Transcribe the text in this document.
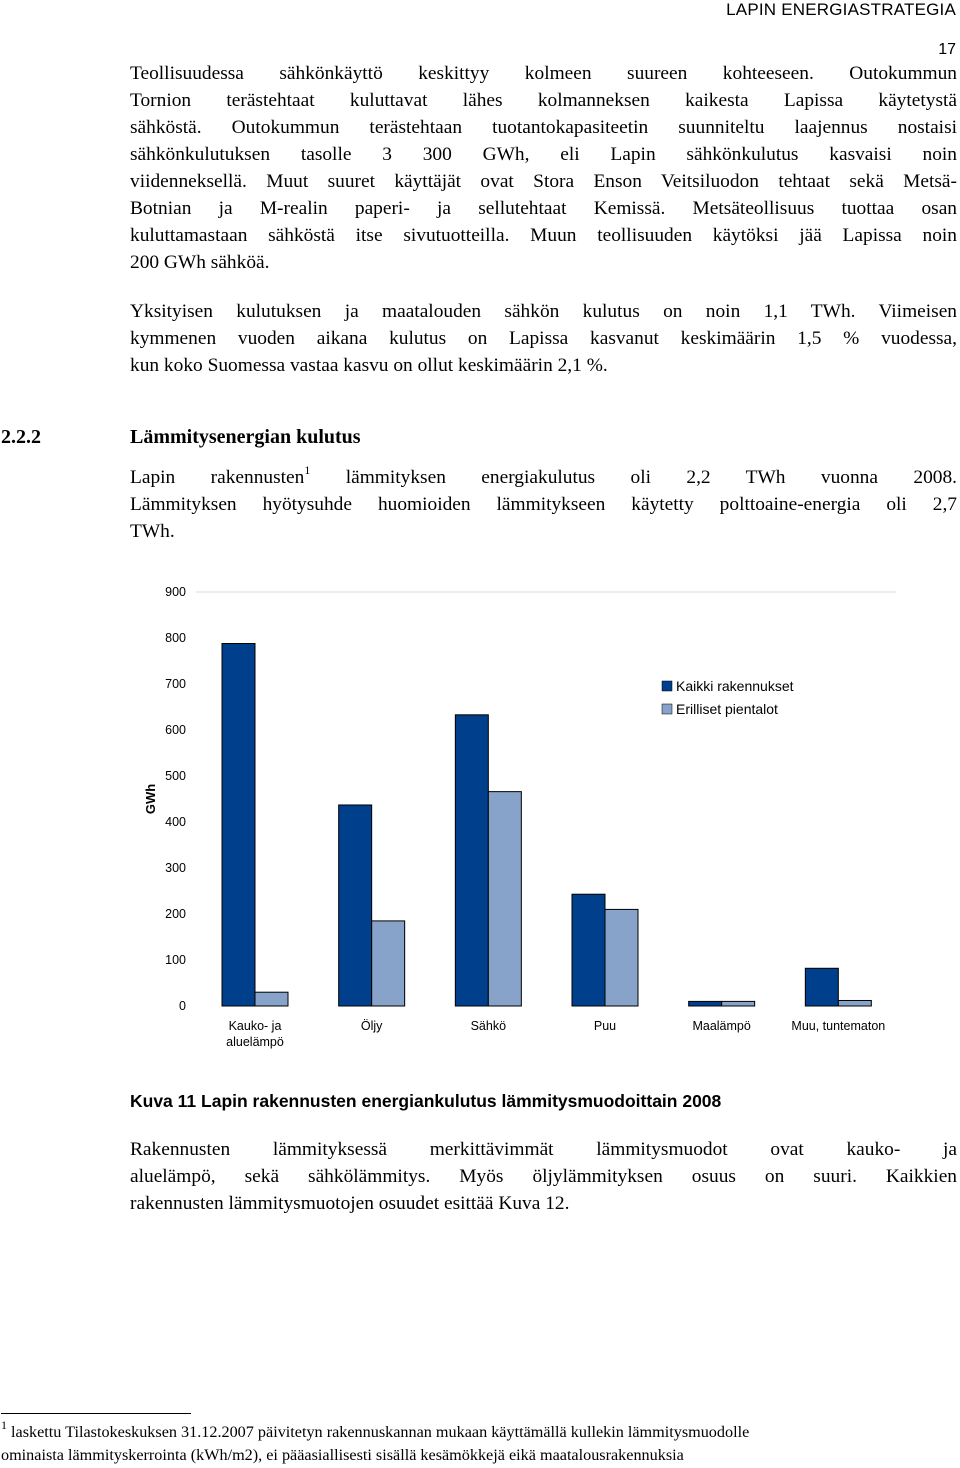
LAPIN ENERGIASTRATEGIA
17
Teollisuudessa sähkönkäyttö keskittyy kolmeen suureen kohteeseen. Outokummun
Tornion terästehtaat kuluttavat lähes kolmanneksen kaikesta Lapissa käytetystä
sähköstä. Outokummun terästehtaan tuotantokapasiteetin suunniteltu laajennus nostaisi
sähkönkulutuksen tasolle 3 300 GWh, eli Lapin sähkönkulutus kasvaisi noin
viidenneksellä. Muut suuret käyttäjät ovat Stora Enson Veitsiluodon tehtaat sekä Metsä-
Botnian ja M-realin paperi- ja sellutehtaat Kemissä. Metsäteollisuus tuottaa osan
kuluttamastaan sähköstä itse sivutuotteilla. Muun teollisuuden käytöksi jää Lapissa noin
200 GWh sähköä.
Yksityisen kulutuksen ja maatalouden sähkön kulutus on noin 1,1 TWh. Viimeisen
kymmenen vuoden aikana kulutus on Lapissa kasvanut keskimäärin 1,5 % vuodessa,
kun koko Suomessa vastaa kasvu on ollut keskimäärin 2,1 %.
2.2.2	Lämmitysenergian kulutus
Lapin rakennusten$^1$ lämmityksen energiakulutus oli 2,2 TWh vuonna 2008.
Lämmityksen hyötysuhde huomioiden lämmitykseen käytetty polttoaine-energia oli 2,7
TWh.
0
100
200
300
400
500
600
700
800
900
Kauko- ja
aluelämpö
Öljy	Sähkö	Puu	Maalämpö	Muu, tuntematon
Kaikki rakennukset
Erilliset pientalot
GWh
Kuva 11 Lapin rakennusten energiankulutus lämmitysmuodoittain 2008
Rakennusten lämmityksessä merkittävimmät lämmitysmuodot ovat kauko- ja
aluelämpö, sekä sähkölämmitys. Myös öljylämmityksen osuus on suuri. Kaikkien
rakennusten lämmitysmuotojen osuudet esittää Kuva 12.
$^1$ laskettu Tilastokeskuksen 31.12.2007 päivitetyn rakennuskannan mukaan käyttämällä kullekin lämmitysmuodolle
ominaista lämmityskerrointa (kWh/m2), ei pääasiallisesti sisällä kesämökkejä eikä maatalousrakennuksia
